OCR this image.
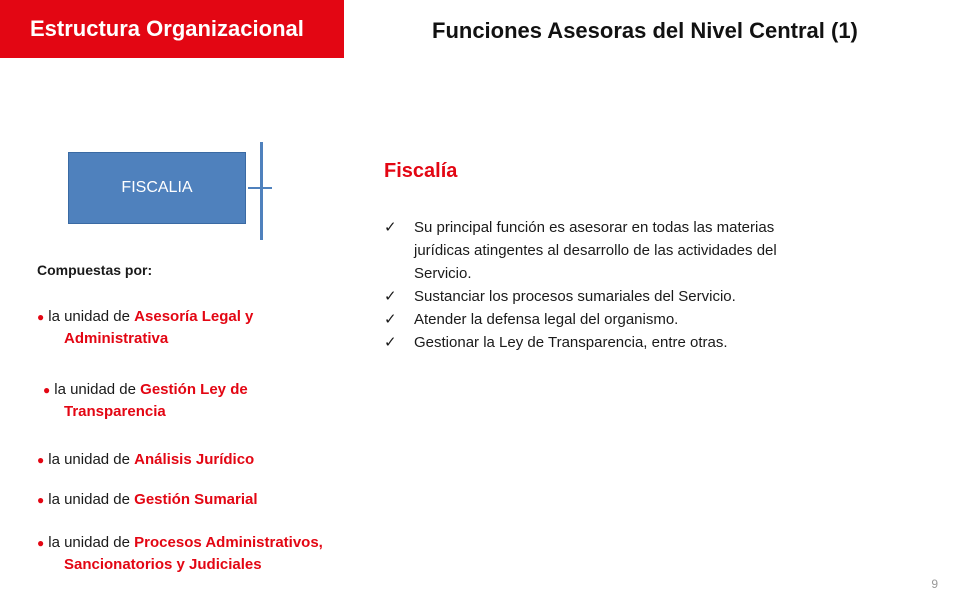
Estructura Organizacional	Funciones Asesoras del Nivel Central (1)
FISCALIA
Compuestas por:
● la unidad de Asesoría Legal y
Administrativa
● la unidad de Gestión Ley de
Transparencia
● la unidad de Análisis Jurídico
● la unidad de Gestión Sumarial
● la unidad de Procesos Administrativos,
Sancionatorios y Judiciales
Fiscalía
✓ Su principal función es asesorar en todas las materias
jurídicas atingentes al desarrollo de las actividades del
Servicio.
✓ Sustanciar los procesos sumariales del Servicio.
✓ Atender la defensa legal del organismo.
✓ Gestionar la Ley de Transparencia, entre otras.
9
